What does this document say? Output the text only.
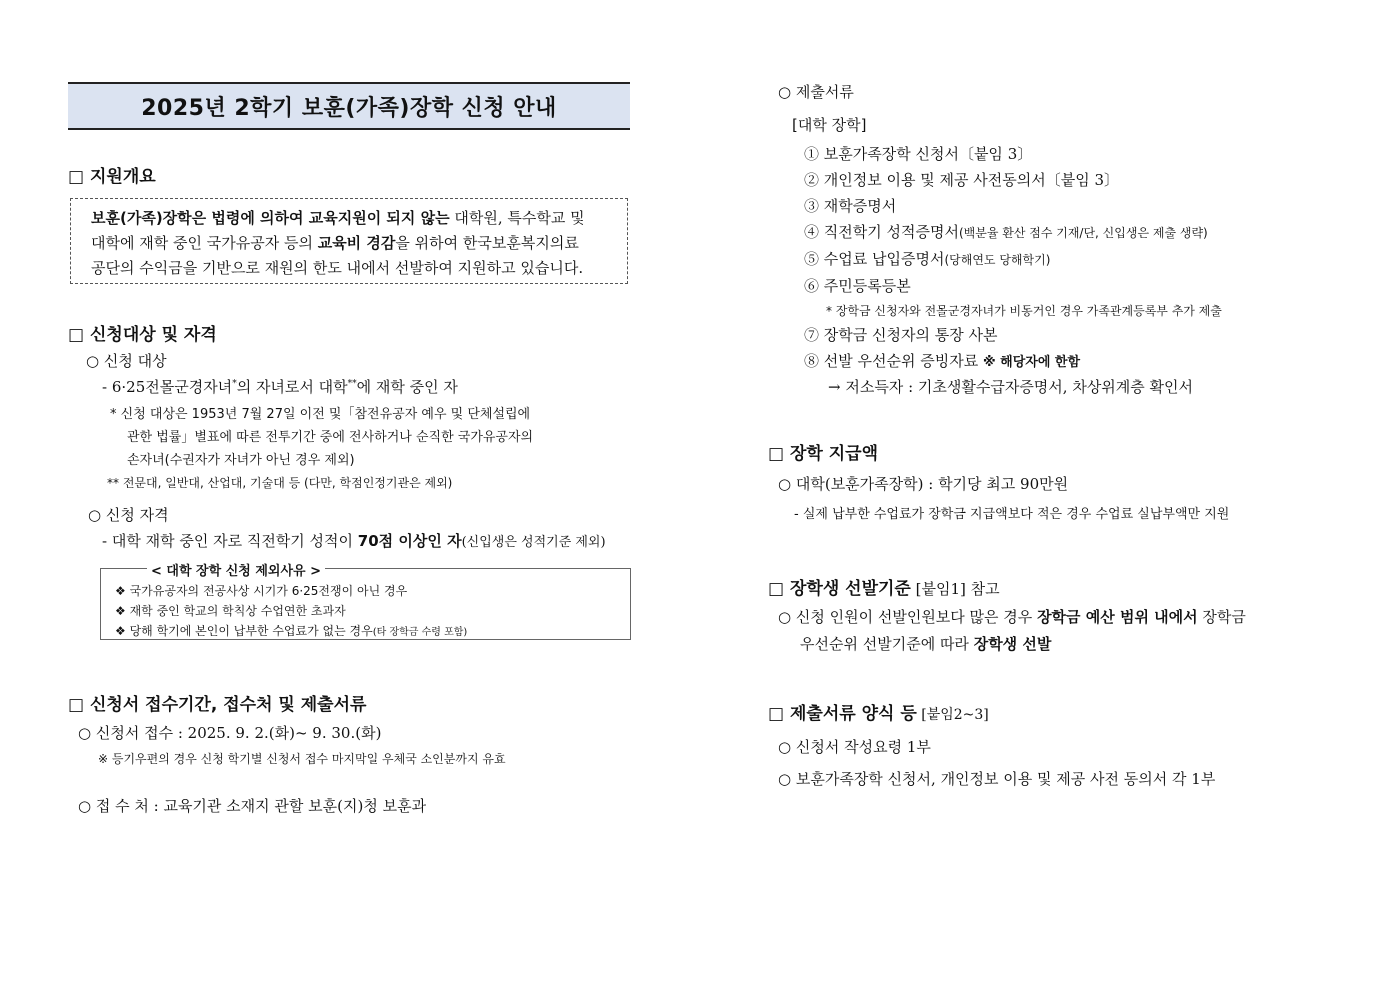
2025년 2학기 보훈(가족)장학 신청 안내
□ 지원개요

보훈(가족)장학은 법령에 의하여 교육지원이 되지 않는 대학원, 특수학교 및

대학에 재학 중인 국가유공자 등의 교육비 경감을 위하여 한국보훈복지의료

공단의 수익금을 기반으로 재원의 한도 내에서 선발하여 지원하고 있습니다.

□ 신청대상 및 자격
○ 신청 대상
- 6·25전몰군경자녀*의 자녀로서 대학**에 재학 중인 자
* 신청 대상은 1953년 7월 27일 이전 및「참전유공자 예우 및 단체설립에
관한 법률」별표에 따른 전투기간 중에 전사하거나 순직한 국가유공자의
손자녀(수권자가 자녀가 아닌 경우 제외)
** 전문대, 일반대, 산업대, 기술대 등 (다만, 학점인정기관은 제외)
○ 신청 자격
- 대학 재학 중인 자로 직전학기 성적이 70점 이상인 자(신입생은 성적기준 제외)
< 대학 장학 신청 제외사유 >
❖ 국가유공자의 전공사상 시기가 6·25전쟁이 아닌 경우
❖ 재학 중인 학교의 학칙상 수업연한 초과자
❖ 당해 학기에 본인이 납부한 수업료가 없는 경우(타 장학금 수령 포함)
□ 신청서 접수기간, 접수처 및 제출서류
○ 신청서 접수 : 2025. 9. 2.(화)~ 9. 30.(화)
※ 등기우편의 경우 신청 학기별 신청서 접수 마지막일 우체국 소인분까지 유효
○ 접 수 처 : 교육기관 소재지 관할 보훈(지)청 보훈과
○ 제출서류
[대학 장학]
① 보훈가족장학 신청서〔붙임 3〕
② 개인정보 이용 및 제공 사전동의서〔붙임 3〕
③ 재학증명서
④ 직전학기 성적증명서(백분율 환산 점수 기재/단, 신입생은 제출 생략)
⑤ 수업료 납입증명서(당해연도 당해학기)
⑥ 주민등록등본
* 장학금 신청자와 전몰군경자녀가 비동거인 경우 가족관계등록부 추가 제출
⑦ 장학금 신청자의 통장 사본
⑧ 선발 우선순위 증빙자료 ※ 해당자에 한함
→ 저소득자 : 기초생활수급자증명서, 차상위계층 확인서
□ 장학 지급액
○ 대학(보훈가족장학) : 학기당 최고 90만원
- 실제 납부한 수업료가 장학금 지급액보다 적은 경우 수업료 실납부액만 지원
□ 장학생 선발기준 [붙임1] 참고
○ 신청 인원이 선발인원보다 많은 경우 장학금 예산 범위 내에서 장학금
우선순위 선발기준에 따라 장학생 선발
□ 제출서류 양식 등 [붙임2~3]
○ 신청서 작성요령 1부
○ 보훈가족장학 신청서, 개인정보 이용 및 제공 사전 동의서 각 1부
